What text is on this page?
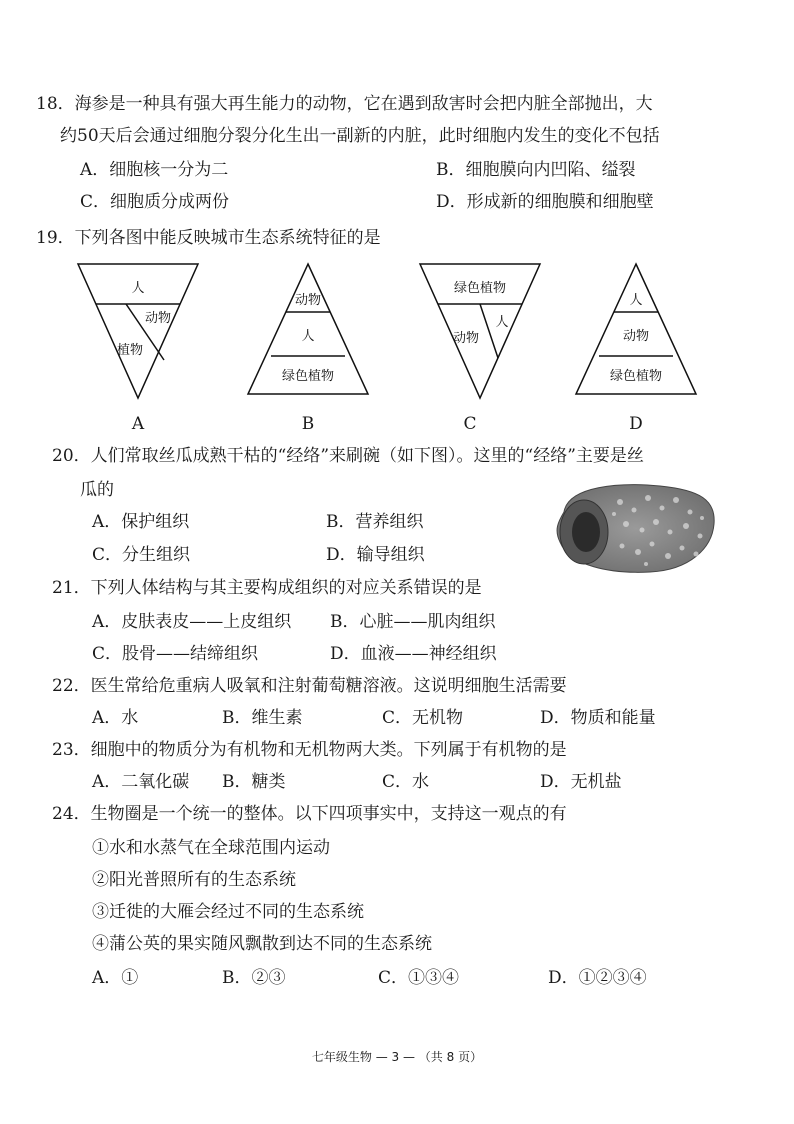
18．海参是一种具有强大再生能力的动物，它在遇到敌害时会把内脏全部抛出，大
约50天后会通过细胞分裂分化生出一副新的内脏，此时细胞内发生的变化不包括
A．细胞核一分为二	B．细胞膜向内凹陷、缢裂
C．细胞质分成两份	D．形成新的细胞膜和细胞壁
19．下列各图中能反映城市生态系统特征的是
人
动物
植物
A
动物
人
绿色植物
B
绿色植物
人
动物
C
人
动物
绿色植物
D
20．人们常取丝瓜成熟干枯的“经络”来刷碗（如下图）。这里的“经络”主要是丝
瓜的
A．保护组织	B．营养组织
C．分生组织	D．输导组织
21．下列人体结构与其主要构成组织的对应关系错误的是
A．皮肤表皮——上皮组织 B．心脏——肌肉组织
C．股骨——结缔组织	D．血液——神经组织
22．医生常给危重病人吸氧和注射葡萄糖溶液。这说明细胞生活需要
A．水	B．维生素	C．无机物	D．物质和能量
23．细胞中的物质分为有机物和无机物两大类。下列属于有机物的是
A．二氧化碳 B．糖类	C．水	D．无机盐
24．生物圈是一个统一的整体。以下四项事实中，支持这一观点的有
①水和水蒸气在全球范围内运动
②阳光普照所有的生态系统
③迁徙的大雁会经过不同的生态系统
④蒲公英的果实随风飘散到达不同的生态系统
A．①	B．②③	C．①③④	D．①②③④
七年级生物 — 3 — （共 8 页）
